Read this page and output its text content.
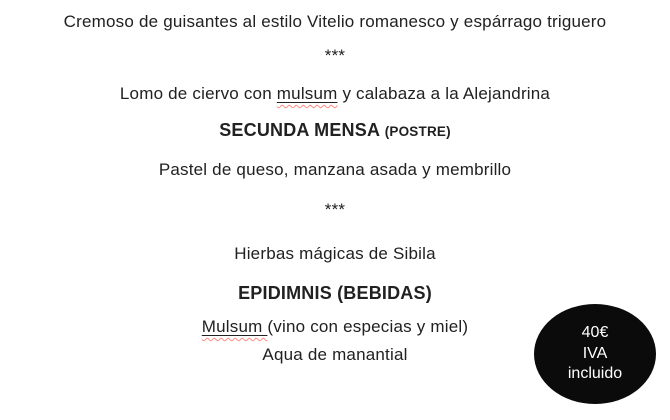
Cremoso de guisantes al estilo Vitelio romanesco y espárrago triguero
***
Lomo de ciervo con mulsum y calabaza a la Alejandrina
SECUNDA MENSA (POSTRE)
Pastel de queso, manzana asada y membrillo
***
Hierbas mágicas de Sibila
EPIDIMNIS (BEBIDAS)
Mulsum (vino con especias y miel)
Aqua de manantial
40€
IVA
incluido
